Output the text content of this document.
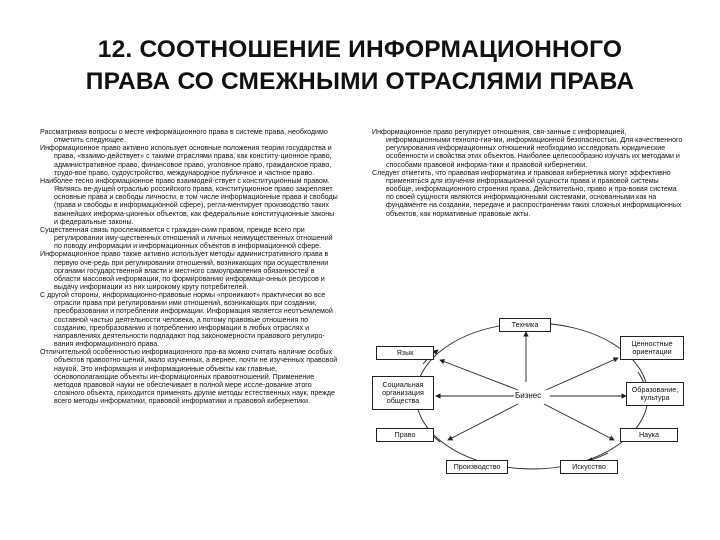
12. СООТНОШЕНИЕ ИНФОРМАЦИОННОГО
ПРАВА СО СМЕЖНЫМИ ОТРАСЛЯМИ ПРАВА

Рассматривая вопросы о месте информационного права в системе права, необходимо отметить следующее.

Информационное право активно использует основные положения теории государства и права, «взаимо-действует» с такими отраслями права, как конститу-ционное право, административное право, финансовое право, уголовное право, гражданское право, трудо-вое право, судоустройство, международное публичное и частное право.

Наиболее тесно информационное право взаимодей-ствует с конституционным правом. Являясь ве-дущей отраслью российского права, конституционное право закрепляет основные права и свободы личности, в том числе информационные права и свободы (права и свободы в информационной сфере), регла-ментирует производство таких важнейших информа-ционных объектов, как федеральные конституционные законы и федеральные законы.

Существенная связь прослеживается с граждан-ским правом, прежде всего при регулировании иму-щественных отношений и личных неимущественных отношений по поводу информации и информационных объектов в информационной сфере.

Информационное право также активно использует методы административного права в первую оче-редь при регулировании отношений, возникающих при осуществлении органами государственной власти и местного самоуправления обязанностей в области массовой информации, по формированию информаци-онных ресурсов и выдачу информации из них широкому кругу потребителей.

С другой стороны, информационно-правовые нормы «проникают» практически во все отрасли права при регулировании ими отношений, возникающих при создании, преобразовании и потреблении информации. Информация является неотъемлемой составной частью деятельности человека, а потому правовые отношения по созданию, преобразованию и потреблению информации в любых отраслях и направлениях деятельности подпадают под закономерности правового регулиро-вания информационного права.

Отличительной особенностью информационного пра-ва можно считать наличие особых объектов правоотно-шений, мало изученных, а вернее, почти не изученных правовой наукой. Это информация и информационные объекты как главные, основополагающие объекты ин-формационных правоотношений. Применение методов правовой науки не обеспечивает в полной мере иссле-дование этого сложного объекта, приходится применять другие методы естественных наук, прежде всего методы информатики, правовой информатики и правовой кибернетики.

Информационное право регулирует отношения, свя-занные с информацией, информационными техноло-гия-ми, информационной безопасностью. Для качественного регулирования информационных отношений необходимо исследовать юридические особенности и свойства этих объектов. Наиболее целесообразно изучать их методами и способами правовой информа-тики и правовой кибернетики.

Следует отметить, что правовая информатика и правовая кибернетика могут эффективно применяться для изучения информационной сущности права и правовой системы вообще, информационного строения права. Действительно, право и пра-вовая система по своей сущности являются информационными системами, основанными как на фундаменте на создании, передаче и распространении таких сложных информационных объектов, как нормативные правовые акты.

Техника
Язык
Социальная организация общества
Право
Ценностные ориентации
Образование, культура
Наука
Производство	Искусство
Бизнес
